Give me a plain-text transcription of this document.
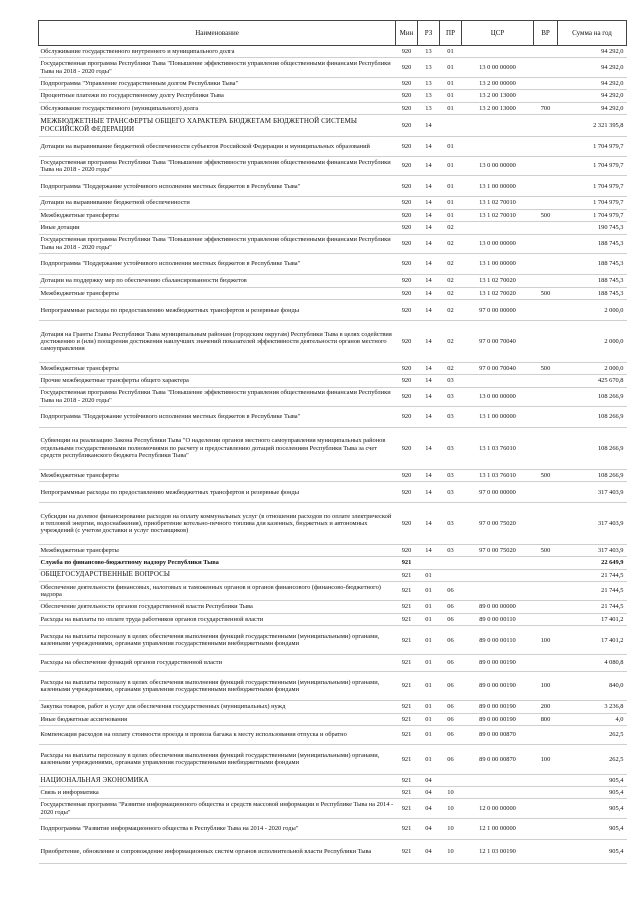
Наименование	Мин	РЗ	ПР	ЦСР	ВР	Сумма на год
Обслуживание государственного внутреннего и муниципального долга	920	13	01			94 292,0
Государственная программа Республики Тыва "Повышение эффективности управления общественными финансами Республики Тыва на 2018 - 2020 годы"	920	13	01	13 0 00 00000		94 292,0
Подпрограмма "Управление государственным долгом Республики Тыва"	920	13	01	13 2 00 00000		94 292,0
Процентные платежи по государственному долгу Республики Тыва	920	13	01	13 2 00 13000		94 292,0
Обслуживание государственного (муниципального) долга	920	13	01	13 2 00 13000	700	94 292,0
МЕЖБЮДЖЕТНЫЕ ТРАНСФЕРТЫ ОБЩЕГО ХАРАКТЕРА БЮДЖЕТАМ БЮДЖЕТНОЙ СИСТЕМЫ РОССИЙСКОЙ ФЕДЕРАЦИИ	920	14				2 321 395,8
Дотации на выравнивание бюджетной обеспеченности субъектов Российской Федерации и муниципальных образований	920	14	01			1 704 979,7
Государственная программа Республики Тыва "Повышение эффективности управления общественными финансами Республики Тыва на 2018 - 2020 годы"	920	14	01	13 0 00 00000		1 704 979,7
Подпрограмма "Поддержание устойчивого исполнения местных бюджетов в Республике Тыва"	920	14	01	13 1 00 00000		1 704 979,7
Дотации на выравнивание бюджетной обеспеченности	920	14	01	13 1 02 70010		1 704 979,7
Межбюджетные трансферты	920	14	01	13 1 02 70010	500	1 704 979,7
Иные дотации	920	14	02			190 745,3
Государственная программа Республики Тыва "Повышение эффективности управления общественными финансами Республики Тыва на 2018 - 2020 годы"	920	14	02	13 0 00 00000		188 745,3
Подпрограмма "Поддержание устойчивого исполнения местных бюджетов в Республике Тыва"	920	14	02	13 1 00 00000		188 745,3
Дотации на поддержку мер по обеспечению сбалансированности бюджетов	920	14	02	13 1 02 70020		188 745,3
Межбюджетные трансферты	920	14	02	13 1 02 70020	500	188 745,3
Непрограммные расходы по предоставлению межбюджетных трансфертов и резервные фонды	920	14	02	97 0 00 00000		2 000,0
Дотация на Гранты Главы Республики Тыва муниципальным районам (городским округам) Республики Тыва в целях содействия достижению и (или) поощрения достижения наилучших значений показателей эффективности деятельности органов местного самоуправления	920	14	02	97 0 00 70040		2 000,0
Межбюджетные трансферты	920	14	02	97 0 00 70040	500	2 000,0
Прочие межбюджетные трансферты общего характера	920	14	03			425 670,8
Государственная программа Республики Тыва "Повышение эффективности управления общественными финансами Республики Тыва на 2018 - 2020 годы"	920	14	03	13 0 00 00000		108 266,9
Подпрограмма "Поддержание устойчивого исполнения местных бюджетов в Республике Тыва"	920	14	03	13 1 00 00000		108 266,9
Субвенции на реализацию Закона Республики Тыва "О наделении органов местного самоуправления муниципальных районов отдельными государственными полномочиями по расчету и предоставлению дотаций поселениям Республики Тыва за счет средств республиканского бюджета Республики Тыва"	920	14	03	13 1 03 76010		108 266,9
Межбюджетные трансферты	920	14	03	13 1 03 76010	500	108 266,9
Непрограммные расходы по предоставлению межбюджетных трансфертов и резервные фонды	920	14	03	97 0 00 00000		317 403,9
Субсидии на долевое финансирование расходов на оплату коммунальных услуг (в отношении расходов по оплате электрической и тепловой энергии, водоснабжения), приобретение котельно-печного топлива для казенных, бюджетных и автономных учреждений (с учетом доставки и услуг поставщиков)	920	14	03	97 0 00 75020		317 403,9
Межбюджетные трансферты	920	14	03	97 0 00 75020	500	317 403,9
Служба по финансово-бюджетному надзору Республики Тыва	921					22 649,9
ОБЩЕГОСУДАРСТВЕННЫЕ ВОПРОСЫ	921	01				21 744,5
Обеспечение деятельности финансовых, налоговых и таможенных органов и органов финансового (финансово-бюджетного) надзора	921	01	06			21 744,5
Обеспечение деятельности органов государственной власти Республики Тыва	921	01	06	89 0 00 00000		21 744,5
Расходы на выплаты по оплате труда работников органов государственной власти	921	01	06	89 0 00 00110		17 401,2
Расходы на выплаты персоналу в целях обеспечения выполнения функций государственными (муниципальными) органами, казенными учреждениями, органами управления государственными внебюджетными фондами	921	01	06	89 0 00 00110	100	17 401,2
Расходы на обеспечение функций органов государственной власти	921	01	06	89 0 00 00190		4 080,8
Расходы на выплаты персоналу в целях обеспечения выполнения функций государственными (муниципальными) органами, казенными учреждениями, органами управления государственными внебюджетными фондами	921	01	06	89 0 00 00190	100	840,0
Закупка товаров, работ и услуг для обеспечения государственных (муниципальных) нужд	921	01	06	89 0 00 00190	200	3 236,8
Иные бюджетные ассигнования	921	01	06	89 0 00 00190	800	4,0
Компенсация расходов на оплату стоимости проезда и провоза багажа к месту использования отпуска и обратно	921	01	06	89 0 00 00870		262,5
Расходы на выплаты персоналу в целях обеспечения выполнения функций государственными (муниципальными) органами, казенными учреждениями, органами управления государственными внебюджетными фондами	921	01	06	89 0 00 00870	100	262,5
НАЦИОНАЛЬНАЯ ЭКОНОМИКА	921	04				905,4
Связь и информатика	921	04	10			905,4
Государственная программа "Развитие информационного общества и средств массовой информации в Республике Тыва на 2014 - 2020 годы"	921	04	10	12 0 00 00000		905,4
Подпрограмма "Развитие информационного общества в Республике Тыва на 2014 - 2020 годы"	921	04	10	12 1 00 00000		905,4
Приобретение, обновление и сопровождение информационных систем органов исполнительной власти Республики Тыва	921	04	10	12 1 03 00190		905,4
